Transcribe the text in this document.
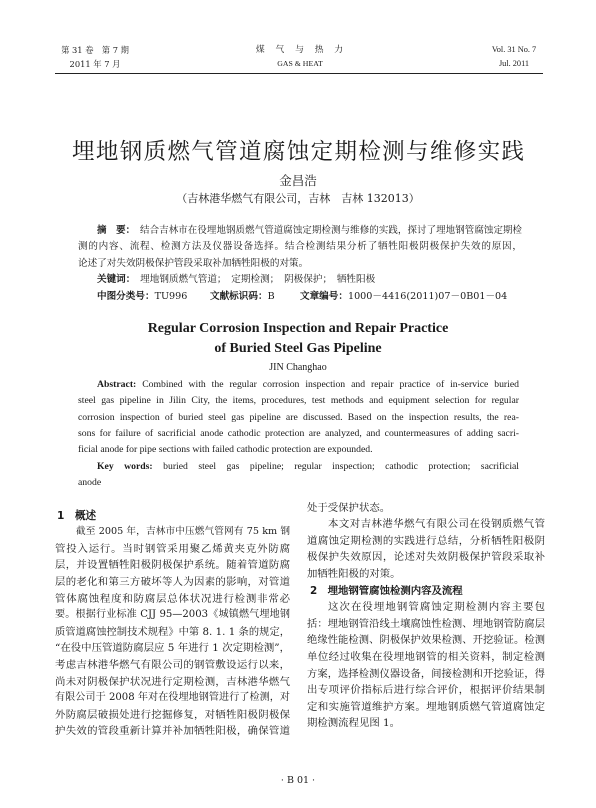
第 31 卷　第 7 期
2011 年 7 月
煤　气　与　热　力
GAS & HEAT
Vol. 31 No. 7
Jul. 2011
埋地钢质燃气管道腐蚀定期检测与维修实践
金昌浩
（吉林港华燃气有限公司，吉林　吉林 132013）
摘　要：　结合吉林市在役埋地钢质燃气管道腐蚀定期检测与维修的实践，探讨了埋地钢管腐蚀定期检
测的内容、流程、检测方法及仪器设备选择。结合检测结果分析了牺牲阳极阴极保护失效的原因，
论述了对失效阴极保护管段采取补加牺牲阳极的对策。
关键词：　埋地钢质燃气管道；　定期检测；　阴极保护；　牺牲阳极
中图分类号：TU996 文献标识码：B	文章编号：1000－4416(2011)07－0B01－04
Regular Corrosion Inspection and Repair Practice
of Buried Steel Gas Pipeline
JIN Changhao
Abstract: Combined with the regular corrosion inspection and repair practice of in-service buried
steel gas pipeline in Jilin City, the items, procedures, test methods and equipment selection for regular
corrosion inspection of buried steel gas pipeline are discussed. Based on the inspection results, the rea-
sons for failure of sacrificial anode cathodic protection are analyzed, and countermeasures of adding sacri-
ficial anode for pipe sections with failed cathodic protection are expounded.
Key words: buried steel gas pipeline; regular inspection; cathodic protection; sacrificial
anode
1　概述
截至 2005 年，吉林市中压燃气管网有 75 km 钢
管投入运行。当时钢管采用聚乙烯黄夹克外防腐
层，并设置牺牲阳极阴极保护系统。随着管道防腐
层的老化和第三方破坏等人为因素的影响，对管道
管体腐蚀程度和防腐层总体状况进行检测非常必
要。根据行业标准 CJJ 95—2003《城镇燃气埋地钢
质管道腐蚀控制技术规程》中第 8. 1. 1 条的规定，
“在役中压管道防腐层应 5 年进行 1 次定期检测”，
考虑吉林港华燃气有限公司的钢管敷设运行以来，
尚未对阴极保护状况进行定期检测，吉林港华燃气
有限公司于 2008 年对在役埋地钢管进行了检测，对
外防腐层破损处进行挖掘修复，对牺牲阳极阴极保
护失效的管段重新计算并补加牺牲阳极，确保管道
处于受保护状态。
本文对吉林港华燃气有限公司在役钢质燃气管
道腐蚀定期检测的实践进行总结，分析牺牲阳极阴
极保护失效原因，论述对失效阴极保护管段采取补
加牺牲阳极的对策。
2　埋地钢管腐蚀检测内容及流程
这次在役埋地钢管腐蚀定期检测内容主要包
括：埋地钢管沿线土壤腐蚀性检测、埋地钢管防腐层
绝缘性能检测、阴极保护效果检测、开挖验证。检测
单位经过收集在役埋地钢管的相关资料，制定检测
方案，选择检测仪器设备，间接检测和开挖验证，得
出专项评价指标后进行综合评价，根据评价结果制
定和实施管道维护方案。埋地钢质燃气管道腐蚀定
期检测流程见图 1。
· B 01 ·
